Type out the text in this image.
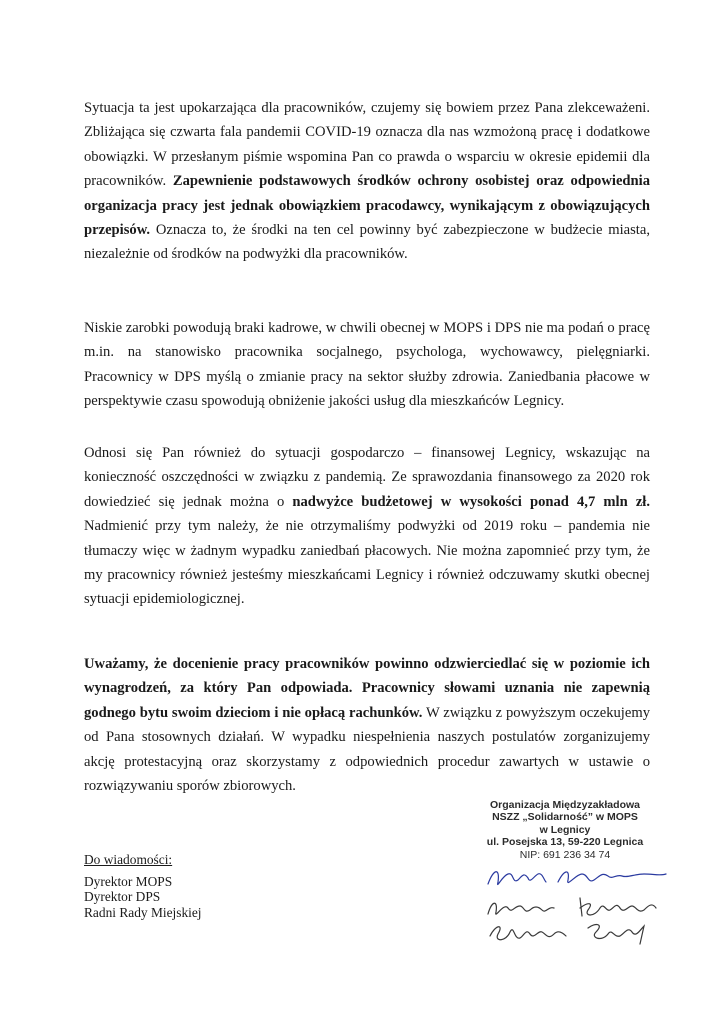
Sytuacja ta jest upokarzająca dla pracowników, czujemy się bowiem przez Pana zlekceważeni. Zbliżająca się czwarta fala pandemii COVID-19 oznacza dla nas wzmożoną pracę i dodatkowe obowiązki. W przesłanym piśmie wspomina Pan co prawda o wsparciu w okresie epidemii dla pracowników. Zapewnienie podstawowych środków ochrony osobistej oraz odpowiednia organizacja pracy jest jednak obowiązkiem pracodawcy, wynikającym z obowiązujących przepisów. Oznacza to, że środki na ten cel powinny być zabezpieczone w budżecie miasta, niezależnie od środków na podwyżki dla pracowników.

Niskie zarobki powodują braki kadrowe, w chwili obecnej w MOPS i DPS nie ma podań o pracę m.in. na stanowisko pracownika socjalnego, psychologa, wychowawcy, pielęgniarki. Pracownicy w DPS myślą o zmianie pracy na sektor służby zdrowia. Zaniedbania płacowe w perspektywie czasu spowodują obniżenie jakości usług dla mieszkańców Legnicy.

Odnosi się Pan również do sytuacji gospodarczo – finansowej Legnicy, wskazując na konieczność oszczędności w związku z pandemią. Ze sprawozdania finansowego za 2020 rok dowiedzieć się jednak można o nadwyżce budżetowej w wysokości ponad 4,7 mln zł. Nadmienić przy tym należy, że nie otrzymaliśmy podwyżki od 2019 roku – pandemia nie tłumaczy więc w żadnym wypadku zaniedbań płacowych. Nie można zapomnieć przy tym, że my pracownicy również jesteśmy mieszkańcami Legnicy i również odczuwamy skutki obecnej sytuacji epidemiologicznej.

Uważamy, że docenienie pracy pracowników powinno odzwierciedlać się w poziomie ich wynagrodzeń, za który Pan odpowiada. Pracownicy słowami uznania nie zapewnią godnego bytu swoim dzieciom i nie opłacą rachunków. W związku z powyższym oczekujemy od Pana stosownych działań. W wypadku niespełnienia naszych postulatów zorganizujemy akcję protestacyjną oraz skorzystamy z odpowiednich procedur zawartych w ustawie o rozwiązywaniu sporów zbiorowych.

Organizacja Międzyzakładowa
NSZZ „Solidarność” w MOPS
w Legnicy
ul. Posejska 13, 59-220 Legnica
NIP: 691 236 34 74
Do wiadomości:
Dyrektor MOPS
Dyrektor DPS
Radni Rady Miejskiej
